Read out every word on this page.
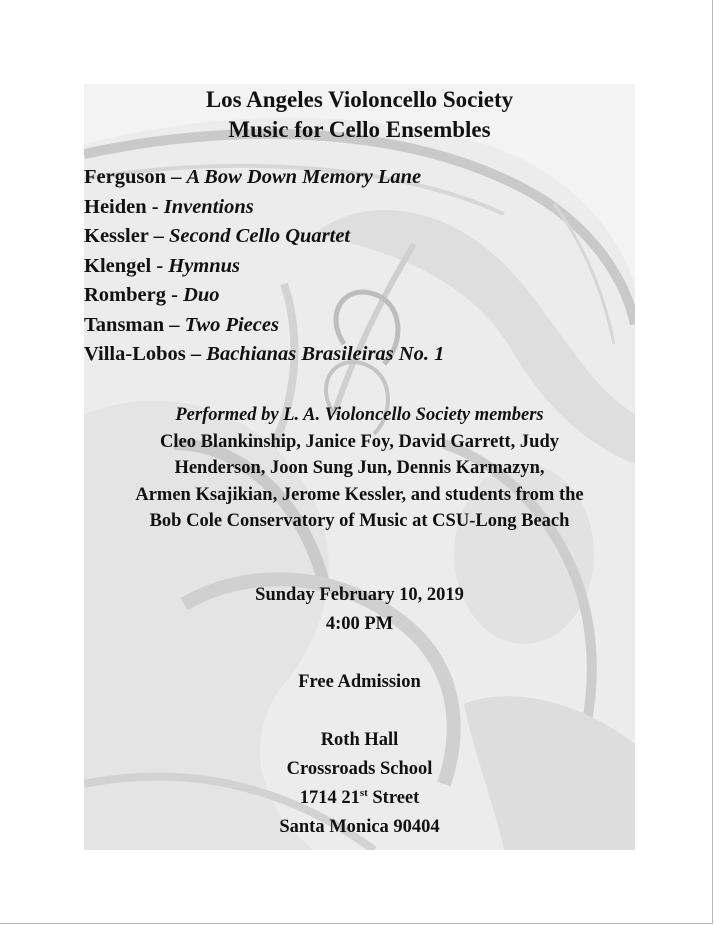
Los Angeles Violoncello Society
Music for Cello Ensembles
Ferguson – A Bow Down Memory Lane
Heiden - Inventions
Kessler – Second Cello Quartet
Klengel - Hymnus
Romberg - Duo
Tansman – Two Pieces
Villa-Lobos – Bachianas Brasileiras No. 1
Performed by L. A. Violoncello Society members
Cleo Blankinship, Janice Foy, David Garrett, Judy
Henderson, Joon Sung Jun, Dennis Karmazyn,
Armen Ksajikian, Jerome Kessler, and students from the
Bob Cole Conservatory of Music at CSU-Long Beach
Sunday February 10, 2019
4:00 PM
Free Admission
Roth Hall
Crossroads School
1714 21st Street
Santa Monica 90404
